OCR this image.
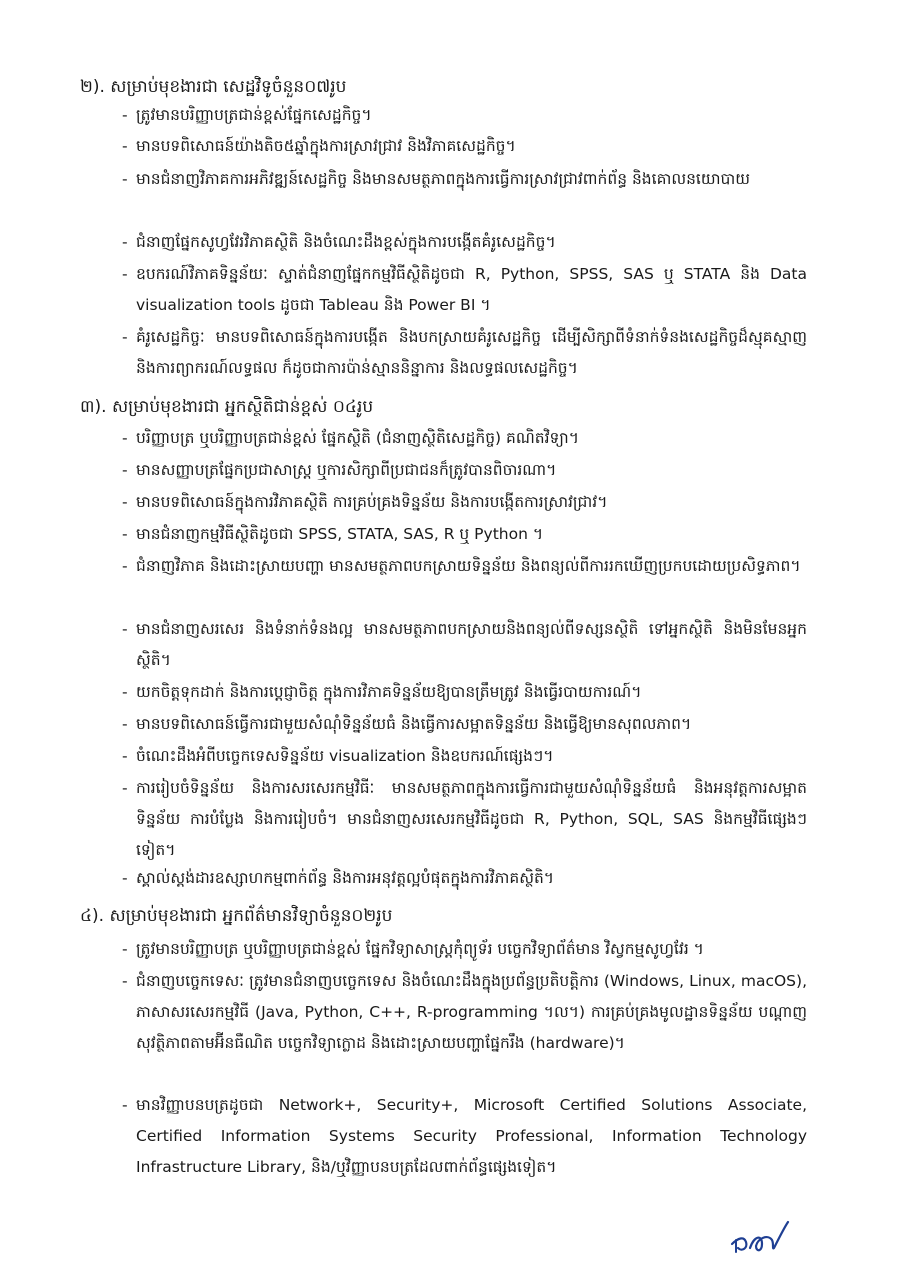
២). សម្រាប់មុខងារជា សេដ្ឋវិទូចំនួន០៧រូប
- ត្រូវមានបរិញ្ញាបត្រជាន់ខ្ពស់ផ្នែកសេដ្ឋកិច្ច។
- មានបទពិសោធន៍យ៉ាងតិច៥ឆ្នាំក្នុងការស្រាវជ្រាវ និងវិភាគសេដ្ឋកិច្ច។
- មានជំនាញវិភាគការអភិវឌ្ឍន៍សេដ្ឋកិច្ច និងមានសមត្ថភាពក្នុងការធ្វើការស្រាវជ្រាវពាក់ព័ន្ធ និងគោលនយោបាយ
- ជំនាញផ្នែកសូហ្វវែរវិភាគស្ថិតិ និងចំណេះដឹងខ្ពស់ក្នុងការបង្កើតគំរូសេដ្ឋកិច្ច។
- ឧបករណ៍វិភាគទិន្នន័យៈ ស្ទាត់ជំនាញផ្នែកកម្មវិធីស្ថិតិដូចជា R, Python, SPSS, SAS ឬ STATA និង Data visualization tools ដូចជា Tableau និង Power BI ។
- គំរូសេដ្ឋកិច្ចៈ មានបទពិសោធន៍ក្នុងការបង្កើត និងបកស្រាយគំរូសេដ្ឋកិច្ច ដើម្បីសិក្សាពីទំនាក់ទំនងសេដ្ឋកិច្ចដ៏ស្មុគស្មាញ និងការព្យាករណ៍លទ្ធផល ក៏ដូចជាការប៉ាន់ស្មាននិន្នាការ និងលទ្ធផលសេដ្ឋកិច្ច។
៣). សម្រាប់មុខងារជា អ្នកស្ថិតិជាន់ខ្ពស់ ០៤រូប
- បរិញ្ញាបត្រ ឬបរិញ្ញាបត្រជាន់ខ្ពស់ ផ្នែកស្ថិតិ (ជំនាញស្ថិតិសេដ្ឋកិច្ច) គណិតវិទ្យា។
- មានសញ្ញាបត្រផ្នែកប្រជាសាស្ត្រ ឬការសិក្សាពីប្រជាជនក៏ត្រូវបានពិចារណា។
- មានបទពិសោធន៍ក្នុងការវិភាគស្ថិតិ ការគ្រប់គ្រងទិន្នន័យ និងការបង្កើតការស្រាវជ្រាវ។
- មានជំនាញកម្មវិធីស្ថិតិដូចជា SPSS, STATA, SAS, R ឬ Python ។
- ជំនាញវិភាគ និងដោះស្រាយបញ្ហា មានសមត្ថភាពបកស្រាយទិន្នន័យ និងពន្យល់ពីការរកឃើញប្រកបដោយប្រសិទ្ធភាព។
- មានជំនាញសរសេរ និងទំនាក់ទំនងល្អ មានសមត្ថភាពបកស្រាយនិងពន្យល់ពីទស្សនស្ថិតិ ទៅអ្នកស្ថិតិ និងមិនមែនអ្នកស្ថិតិ។
- យកចិត្តទុកដាក់ និងការប្តេជ្ញាចិត្ត ក្នុងការវិភាគទិន្នន័យឱ្យបានត្រឹមត្រូវ និងធ្វើរបាយការណ៍។
- មានបទពិសោធន៍ធ្វើការជាមួយសំណុំទិន្នន័យធំ និងធ្វើការសម្អាតទិន្នន័យ និងធ្វើឱ្យមានសុពលភាព។
- ចំណេះដឹងអំពីបច្ចេកទេសទិន្នន័យ visualization និងឧបករណ៍ផ្សេងៗ។
- ការរៀបចំទិន្នន័យ និងការសរសេរកម្មវិធីៈ មានសមត្ថភាពក្នុងការធ្វើការជាមួយសំណុំទិន្នន័យធំ និងអនុវត្តការសម្អាតទិន្នន័យ ការបំប្លែង និងការរៀបចំ។ មានជំនាញសរសេរកម្មវិធីដូចជា R, Python, SQL, SAS និងកម្មវិធីផ្សេងៗទៀត។
- ស្គាល់ស្តង់ដារឧស្សាហកម្មពាក់ព័ន្ធ និងការអនុវត្តល្អបំផុតក្នុងការវិភាគស្ថិតិ។
៤). សម្រាប់មុខងារជា អ្នកព័ត៌មានវិទ្យាចំនួន០២រូប
- ត្រូវមានបរិញ្ញាបត្រ ឬបរិញ្ញាបត្រជាន់ខ្ពស់ ផ្នែកវិទ្យាសាស្ត្រកុំព្យូទ័រ បច្ចេកវិទ្យាព័ត៌មាន វិស្វកម្មសូហ្វវែរ ។
- ជំនាញបច្ចេកទេសៈ ត្រូវមានជំនាញបច្ចេកទេស និងចំណេះដឹងក្នុងប្រព័ន្ធប្រតិបត្តិការ (Windows, Linux, macOS), ភាសាសរសេរកម្មវិធី (Java, Python, C++, R-programming ។ល។) ការគ្រប់គ្រងមូលដ្ឋានទិន្នន័យ បណ្តាញសុវត្ថិភាពតាមអ៊ីនធឺណិត បច្ចេកវិទ្យាក្លោដ និងដោះស្រាយបញ្ហាផ្នែករឹង (hardware)។
- មានវិញ្ញាបនបត្រដូចជា Network+, Security+, Microsoft Certified Solutions Associate, Certified Information Systems Security Professional, Information Technology Infrastructure Library, និង/ឬវិញ្ញាបនបត្រដែលពាក់ព័ន្ធផ្សេងទៀត។
